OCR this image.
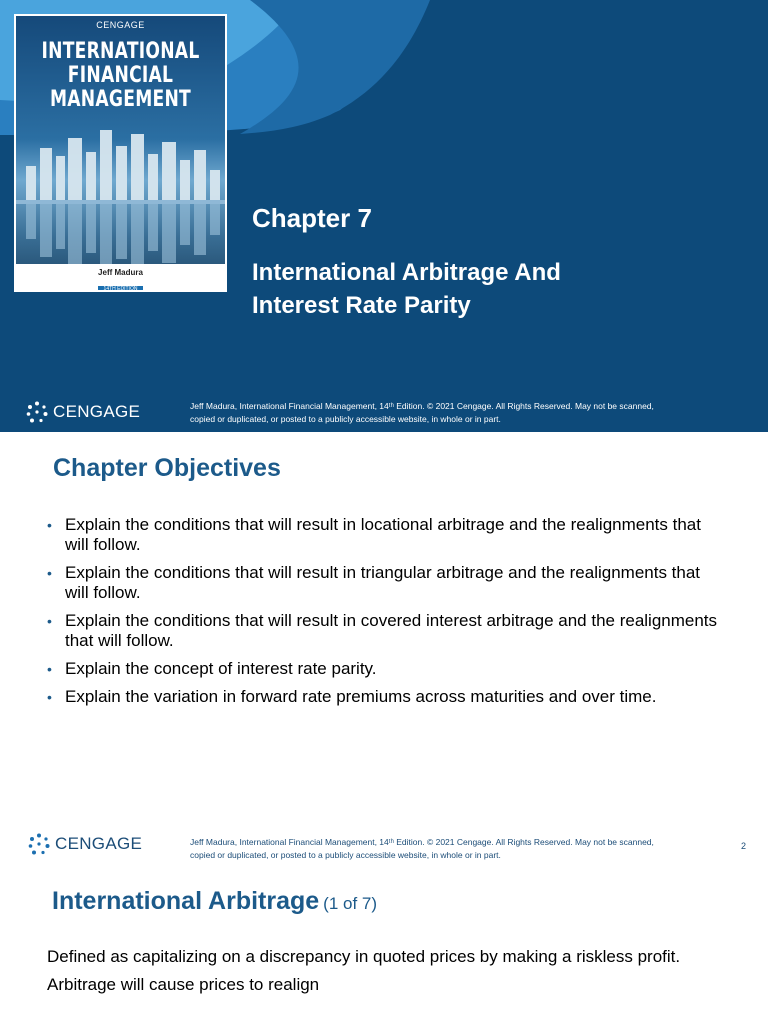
CENGAGE
INTERNATIONAL
FINANCIAL
MANAGEMENT
Jeff Madura
14TH EDITION
Chapter 7
International Arbitrage And
Interest Rate Parity
CENGAGE	Jeff Madura, International Financial Management, 14ᵗʰ Edition. © 2021 Cengage. All Rights Reserved. May not be scanned,
copied or duplicated, or posted to a publicly accessible website, in whole or in part.
Chapter Objectives
• Explain the conditions that will result in locational arbitrage and the realignments that will follow.
• Explain the conditions that will result in triangular arbitrage and the realignments that will follow.
• Explain the conditions that will result in covered interest arbitrage and the realignments that will follow.
• Explain the concept of interest rate parity.
• Explain the variation in forward rate premiums across maturities and over time.
CENGAGE	Jeff Madura, International Financial Management, 14ᵗʰ Edition. © 2021 Cengage. All Rights Reserved. May not be scanned,
copied or duplicated, or posted to a publicly accessible website, in whole or in part.
2
International Arbitrage (1 of 7)

Defined as capitalizing on a discrepancy in quoted prices by making a riskless profit.

Arbitrage will cause prices to realign
